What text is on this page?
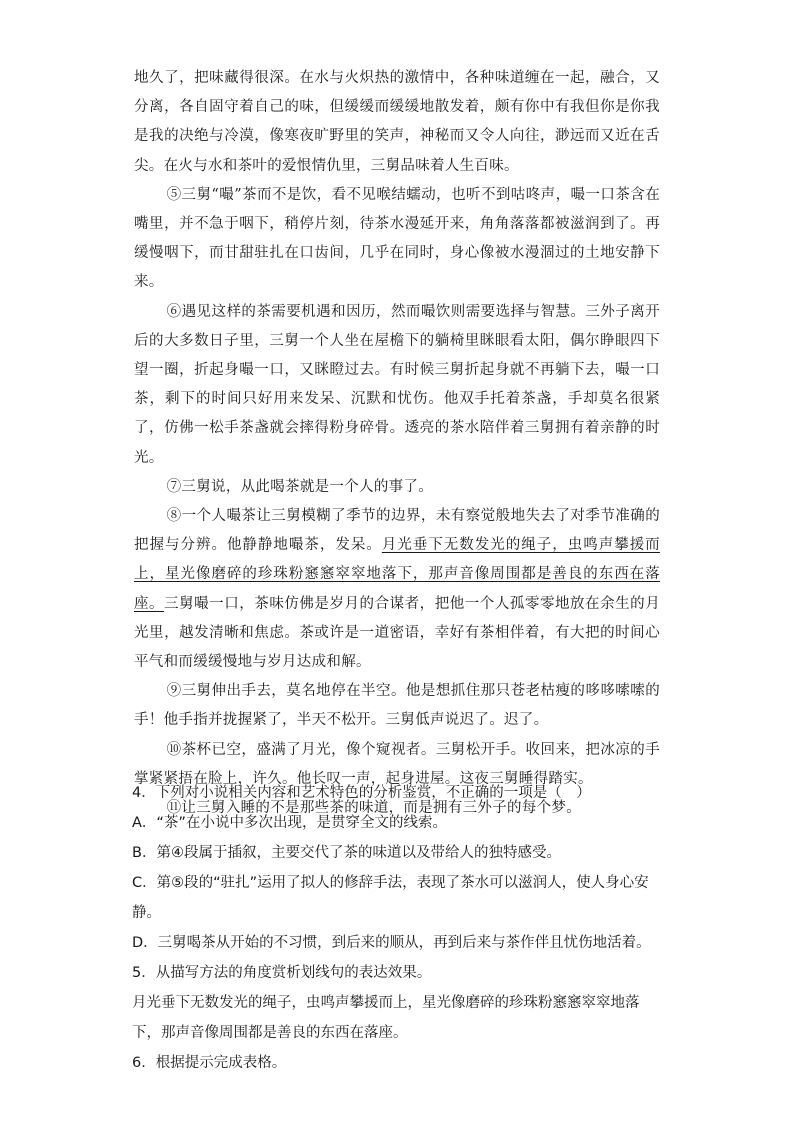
地久了，把味藏得很深。在水与火炽热的激情中，各种味道缠在一起，融合，又分离，各自固守着自己的味，但缓缓而缓缓地散发着，颇有你中有我但你是你我是我的决绝与冷漠，像寒夜旷野里的笑声，神秘而又令人向往，渺远而又近在舌尖。在火与水和茶叶的爱恨情仇里，三舅品味着人生百味。

⑤三舅“嘬”茶而不是饮，看不见喉结蠕动，也听不到咕咚声，嘬一口茶含在嘴里，并不急于咽下，稍停片刻，待茶水漫延开来，角角落落都被滋润到了。再缓慢咽下，而甘甜驻扎在口齿间，几乎在同时，身心像被水漫涸过的土地安静下来。

⑥遇见这样的茶需要机遇和因历，然而嘬饮则需要选择与智慧。三外子离开后的大多数日子里，三舅一个人坐在屋檐下的躺椅里眯眼看太阳，偶尔睁眼四下望一圈，折起身嘬一口，又眯瞪过去。有时候三舅折起身就不再躺下去，嘬一口茶，剩下的时间只好用来发呆、沉默和忧伤。他双手托着茶盏，手却莫名很紧了，仿佛一松手茶盏就会摔得粉身碎骨。透亮的茶水陪伴着三舅拥有着亲静的时光。

⑦三舅说，从此喝茶就是一个人的事了。

⑧一个人嘬茶让三舅模糊了季节的边界，未有察觉般地失去了对季节准确的把握与分辨。他静静地嘬茶，发呆。月光垂下无数发光的绳子，虫鸣声攀援而上，星光像磨碎的珍珠粉窸窸窣窣地落下，那声音像周围都是善良的东西在落座。三舅嘬一口，茶味仿佛是岁月的合谋者，把他一个人孤零零地放在余生的月光里，越发清晰和焦虑。茶或许是一道密语，幸好有茶相伴着，有大把的时间心平气和而缓缓慢地与岁月达成和解。

⑨三舅伸出手去，莫名地停在半空。他是想抓住那只苍老枯瘦的哆哆嗦嗦的手！他手指并拢握紧了，半天不松开。三舅低声说迟了。迟了。

⑩茶杯已空，盛满了月光，像个窥视者。三舅松开手。收回来，把冰凉的手掌紧紧捂在脸上，许久。他长叹一声，起身进屋。这夜三舅睡得踏实。

⑪让三舅入睡的不是那些茶的味道，而是拥有三外子的每个梦。

4．下列对小说相关内容和艺术特色的分析鉴赏，不正确的一项是（　）

A．“茶”在小说中多次出现，是贯穿全文的线索。

B．第④段属于插叙，主要交代了茶的味道以及带给人的独特感受。

C．第⑤段的“驻扎”运用了拟人的修辞手法，表现了茶水可以滋润人，使人身心安静。

D．三舅喝茶从开始的不习惯，到后来的顺从，再到后来与茶作伴且忧伤地活着。

5．从描写方法的角度赏析划线句的表达效果。

月光垂下无数发光的绳子，虫鸣声攀援而上，星光像磨碎的珍珠粉窸窸窣窣地落下，那声音像周围都是善良的东西在落座。

6．根据提示完成表格。
